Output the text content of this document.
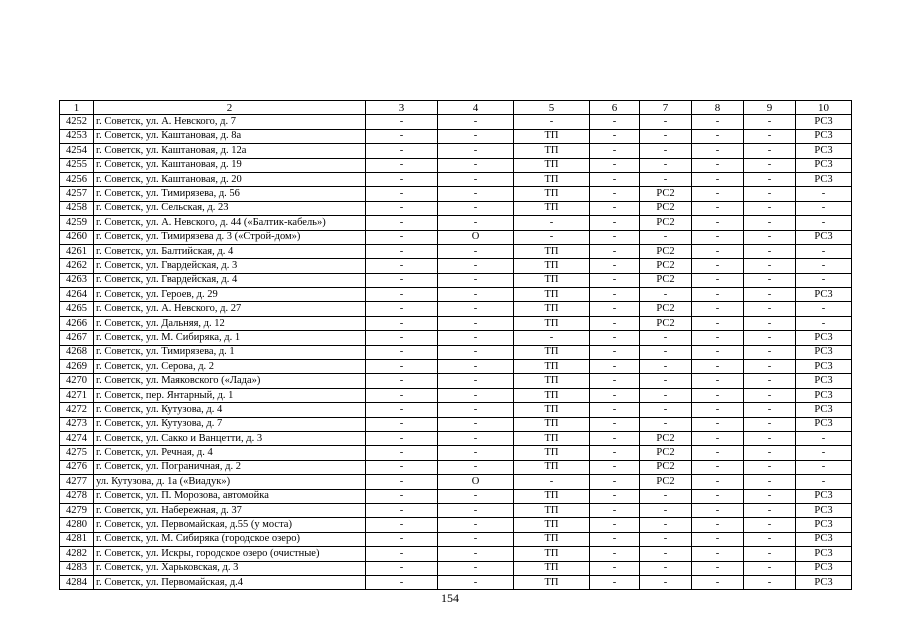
1	2	3	4	5	6	7	8	9	10
4252	г. Советск, ул. А. Невского, д. 7	-	-	-	-	-	-	-	РС3
4253	г. Советск, ул. Каштановая, д. 8а	-	-	ТП	-	-	-	-	РС3
4254	г. Советск, ул. Каштановая, д. 12а	-	-	ТП	-	-	-	-	РС3
4255	г. Советск, ул. Каштановая, д. 19	-	-	ТП	-	-	-	-	РС3
4256	г. Советск, ул. Каштановая, д. 20	-	-	ТП	-	-	-	-	РС3
4257	г. Советск, ул. Тимирязева, д. 56	-	-	ТП	-	РС2	-	-	-
4258	г. Советск, ул. Сельская, д. 23	-	-	ТП	-	РС2	-	-	-
4259	г. Советск, ул. А. Невского, д. 44 («Балтик-кабель»)	-	-	-	-	РС2	-	-	-
4260	г. Советск, ул. Тимирязева д. 3 («Строй-дом»)	-	О	-	-	-	-	-	РС3
4261	г. Советск, ул. Балтийская, д. 4	-	-	ТП	-	РС2	-	-	-
4262	г. Советск, ул. Гвардейская, д. 3	-	-	ТП	-	РС2	-	-	-
4263	г. Советск, ул. Гвардейская, д. 4	-	-	ТП	-	РС2	-	-	-
4264	г. Советск, ул. Героев, д. 29	-	-	ТП	-	-	-	-	РС3
4265	г. Советск, ул. А. Невского, д. 27	-	-	ТП	-	РС2	-	-	-
4266	г. Советск, ул. Дальняя, д. 12	-	-	ТП	-	РС2	-	-	-
4267	г. Советск, ул. М. Сибиряка, д. 1	-	-	-	-	-	-	-	РС3
4268	г. Советск, ул. Тимирязева, д. 1	-	-	ТП	-	-	-	-	РС3
4269	г. Советск, ул. Серова, д. 2	-	-	ТП	-	-	-	-	РС3
4270	г. Советск, ул. Маяковского («Лада»)	-	-	ТП	-	-	-	-	РС3
4271	г. Советск, пер. Янтарный, д. 1	-	-	ТП	-	-	-	-	РС3
4272	г. Советск, ул. Кутузова, д. 4	-	-	ТП	-	-	-	-	РС3
4273	г. Советск, ул. Кутузова, д. 7	-	-	ТП	-	-	-	-	РС3
4274	г. Советск, ул. Сакко и Ванцетти, д. 3	-	-	ТП	-	РС2	-	-	-
4275	г. Советск, ул. Речная, д. 4	-	-	ТП	-	РС2	-	-	-
4276	г. Советск, ул. Пограничная, д. 2	-	-	ТП	-	РС2	-	-	-
4277	ул. Кутузова, д. 1а («Виадук»)	-	О	-	-	РС2	-	-	-
4278	г. Советск, ул. П. Морозова, автомойка	-	-	ТП	-	-	-	-	РС3
4279	г. Советск, ул. Набережная, д. 37	-	-	ТП	-	-	-	-	РС3
4280	г. Советск, ул. Первомайская, д.55 (у моста)	-	-	ТП	-	-	-	-	РС3
4281	г. Советск, ул. М. Сибиряка (городское озеро)	-	-	ТП	-	-	-	-	РС3
4282	г. Советск, ул. Искры, городское озеро (очистные)	-	-	ТП	-	-	-	-	РС3
4283	г. Советск, ул. Харьковская, д. 3	-	-	ТП	-	-	-	-	РС3
4284	г. Советск, ул. Первомайская, д.4	-	-	ТП	-	-	-	-	РС3
154
